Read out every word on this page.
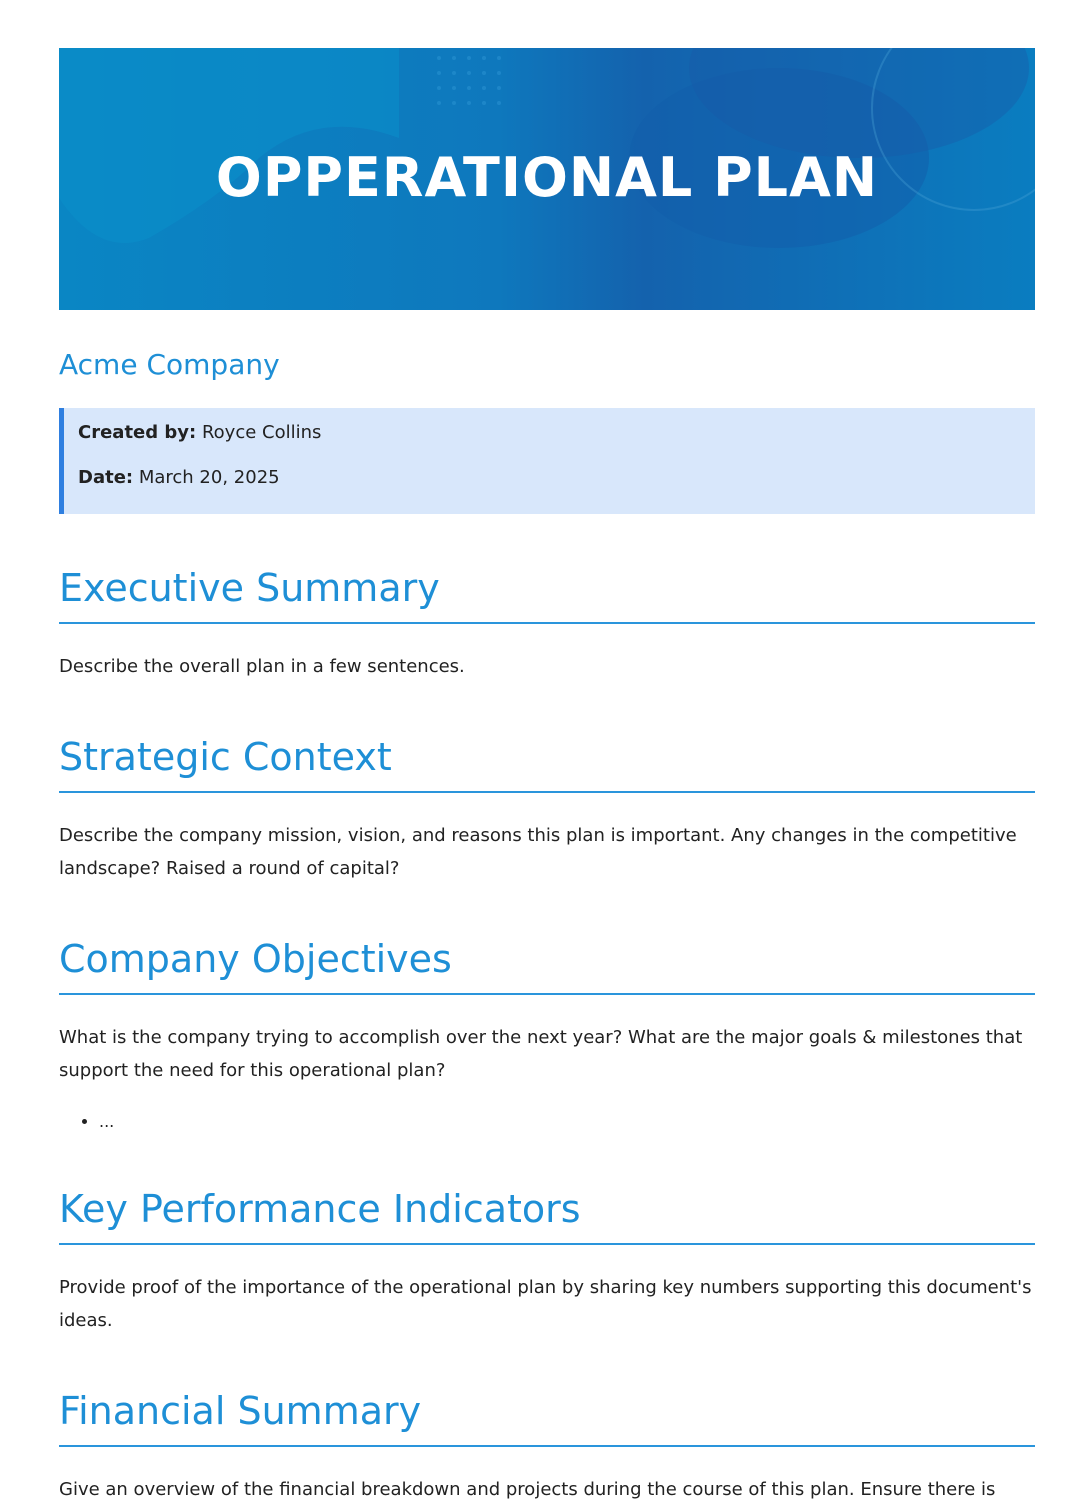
OPPERATIONAL PLAN
Acme Company
Created by: Royce Collins
Date: March 20, 2025
Executive Summary

Describe the overall plan in a few sentences.

Strategic Context

Describe the company mission, vision, and reasons this plan is important. Any changes in the competitive landscape? Raised a round of capital?

Company Objectives

What is the company trying to accomplish over the next year? What are the major goals & milestones that support the need for this operational plan?

• ...
Key Performance Indicators

Provide proof of the importance of the operational plan by sharing key numbers supporting this document's ideas.

Financial Summary

Give an overview of the financial breakdown and projects during the course of this plan. Ensure there is
